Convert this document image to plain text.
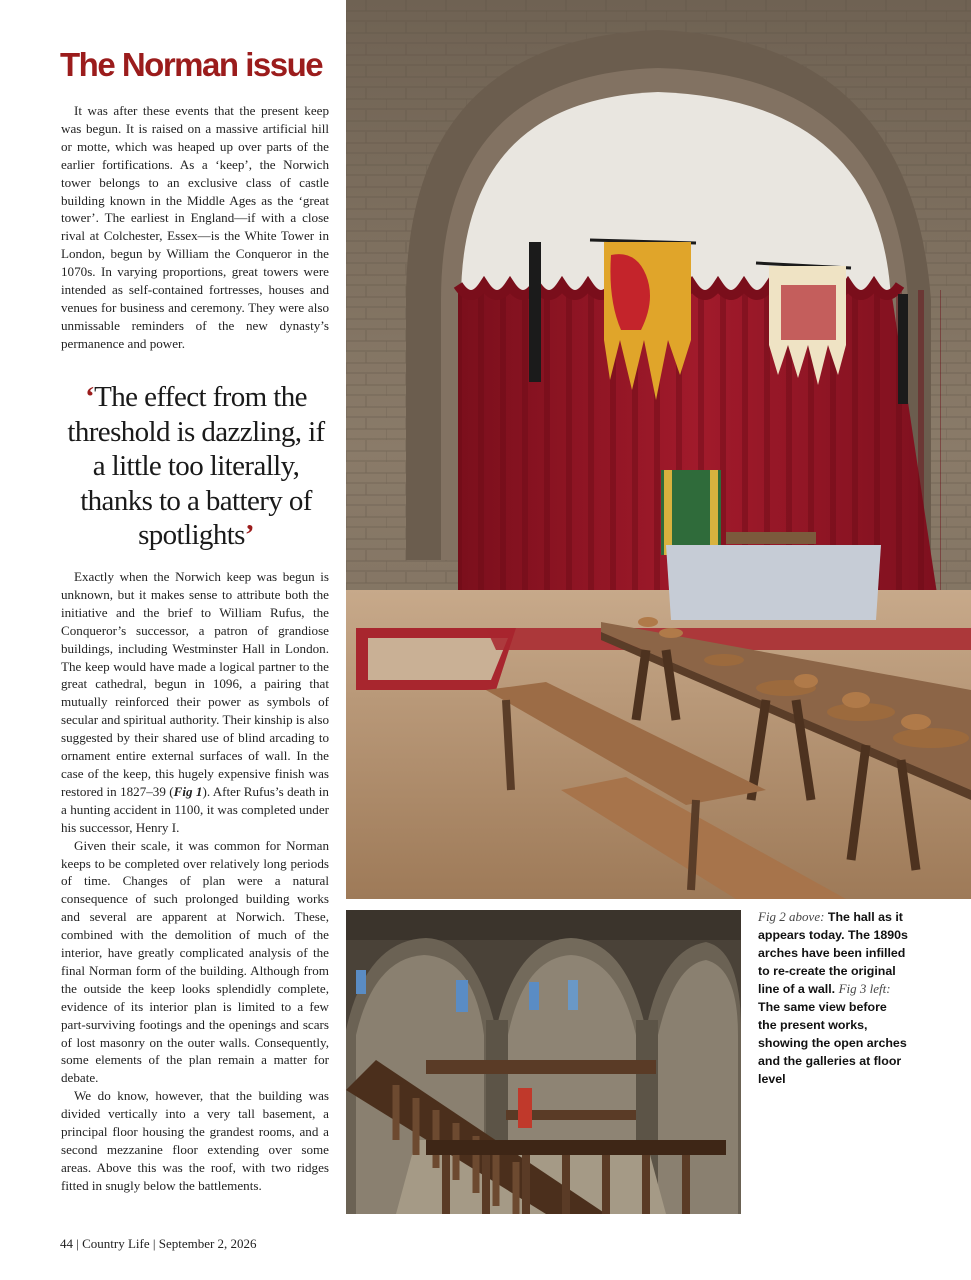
The Norman issue

It was after these events that the present keep was begun. It is raised on a massive artificial hill or motte, which was heaped up over parts of the earlier fortifications. As a ‘keep’, the Norwich tower belongs to an exclusive class of castle building known in the Middle Ages as the ‘great tower’. The earliest in England—if with a close rival at Colchester, Essex—is the White Tower in London, begun by William the Conqueror in the 1070s. In varying proportions, great towers were intended as self-contained fortresses, houses and venues for business and ceremony. They were also unmissable reminders of the new dynasty’s permanence and power.

‘The effect from the threshold is dazzling, if a little too literally, thanks to a battery of spotlights’

Exactly when the Norwich keep was begun is unknown, but it makes sense to attribute both the initiative and the brief to William Rufus, the Conqueror’s successor, a patron of grandiose buildings, including Westminster Hall in London. The keep would have made a logical partner to the great cathedral, begun in 1096, a pairing that mutually reinforced their power as symbols of secular and spiritual authority. Their kinship is also suggested by their shared use of blind arcading to ornament entire external surfaces of wall. In the case of the keep, this hugely expensive finish was restored in 1827–39 (Fig 1). After Rufus’s death in a hunting accident in 1100, it was completed under his successor, Henry I.

Given their scale, it was common for Norman keeps to be completed over relatively long periods of time. Changes of plan were a natural consequence of such prolonged building works and several are apparent at Norwich. These, combined with the demolition of much of the interior, have greatly complicated analysis of the final Norman form of the building. Although from the outside the keep looks splendidly complete, evidence of its interior plan is limited to a few part-surviving footings and the openings and scars of lost masonry on the outer walls. Consequently, some elements of the plan remain a matter for debate.

We do know, however, that the building was divided vertically into a very tall basement, a principal floor housing the grandest rooms, and a second mezzanine floor extending over some areas. Above this was the roof, with two ridges fitted in snugly below the battlements.

Fig 2 above: The hall as it appears today. The 1890s arches have been infilled to re-create the original line of a wall. Fig 3 left: The same view before the present works, showing the open arches and the galleries at floor level
44 | Country Life | September 2, 2026
